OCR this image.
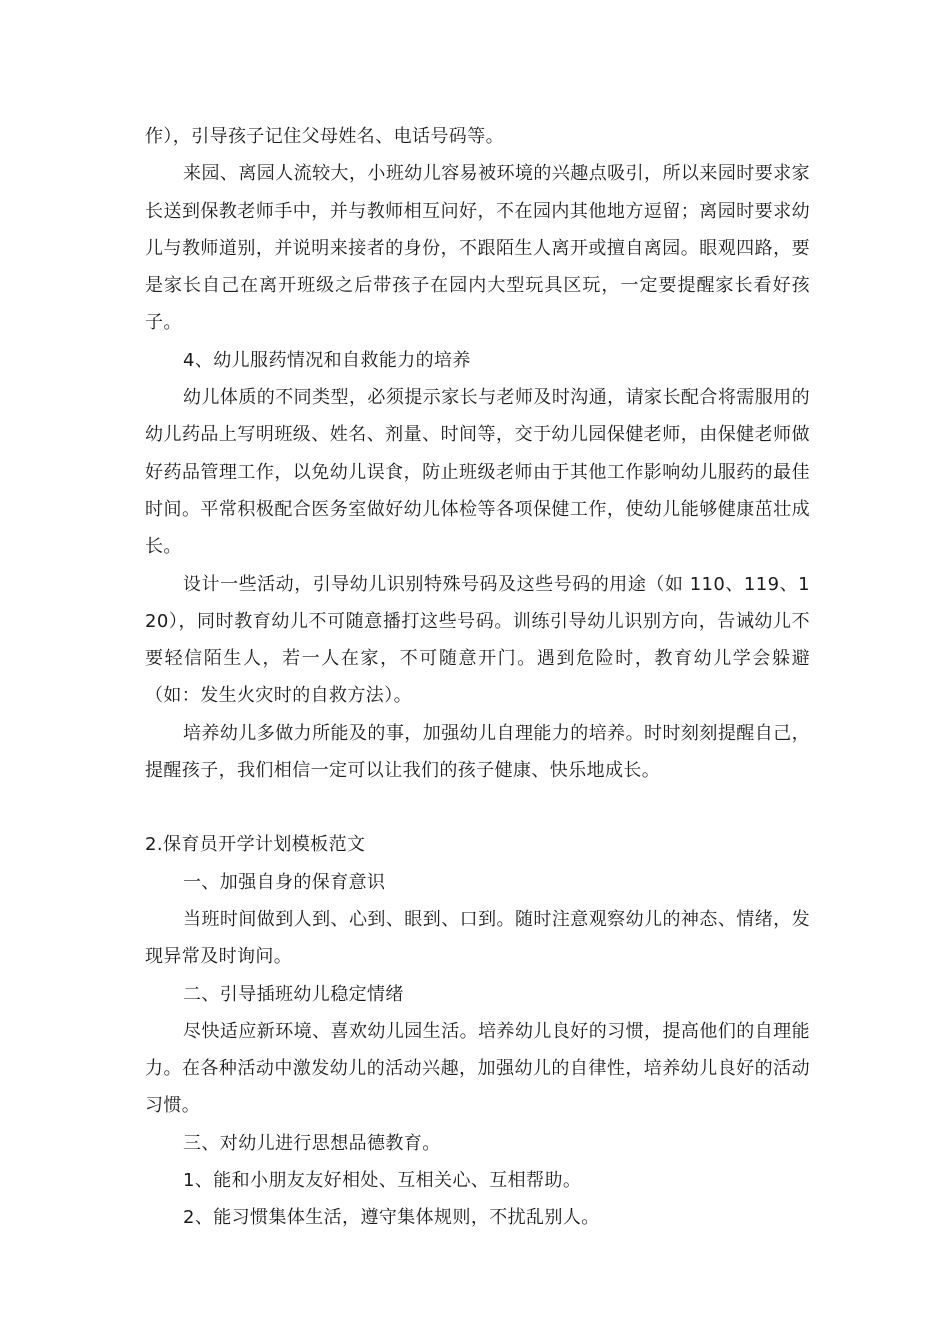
作），引导孩子记住父母姓名、电话号码等。

来园、离园人流较大，小班幼儿容易被环境的兴趣点吸引，所以来园时要求家长送到保教老师手中，并与教师相互问好，不在园内其他地方逗留；离园时要求幼儿与教师道别，并说明来接者的身份，不跟陌生人离开或擅自离园。眼观四路，要是家长自己在离开班级之后带孩子在园内大型玩具区玩，一定要提醒家长看好孩子。

4、幼儿服药情况和自救能力的培养

幼儿体质的不同类型，必须提示家长与老师及时沟通，请家长配合将需服用的幼儿药品上写明班级、姓名、剂量、时间等，交于幼儿园保健老师，由保健老师做好药品管理工作，以免幼儿误食，防止班级老师由于其他工作影响幼儿服药的最佳时间。平常积极配合医务室做好幼儿体检等各项保健工作，使幼儿能够健康茁壮成长。

设计一些活动，引导幼儿识别特殊号码及这些号码的用途（如 110、119、120），同时教育幼儿不可随意播打这些号码。训练引导幼儿识别方向，告诫幼儿不要轻信陌生人，若一人在家，不可随意开门。遇到危险时，教育幼儿学会躲避（如：发生火灾时的自救方法）。

培养幼儿多做力所能及的事，加强幼儿自理能力的培养。时时刻刻提醒自己，提醒孩子，我们相信一定可以让我们的孩子健康、快乐地成长。

2.保育员开学计划模板范文

一、加强自身的保育意识

当班时间做到人到、心到、眼到、口到。随时注意观察幼儿的神态、情绪，发现异常及时询问。

二、引导插班幼儿稳定情绪

尽快适应新环境、喜欢幼儿园生活。培养幼儿良好的习惯，提高他们的自理能力。在各种活动中激发幼儿的活动兴趣，加强幼儿的自律性，培养幼儿良好的活动习惯。

三、对幼儿进行思想品德教育。

1、能和小朋友友好相处、互相关心、互相帮助。

2、能习惯集体生活，遵守集体规则，不扰乱别人。
